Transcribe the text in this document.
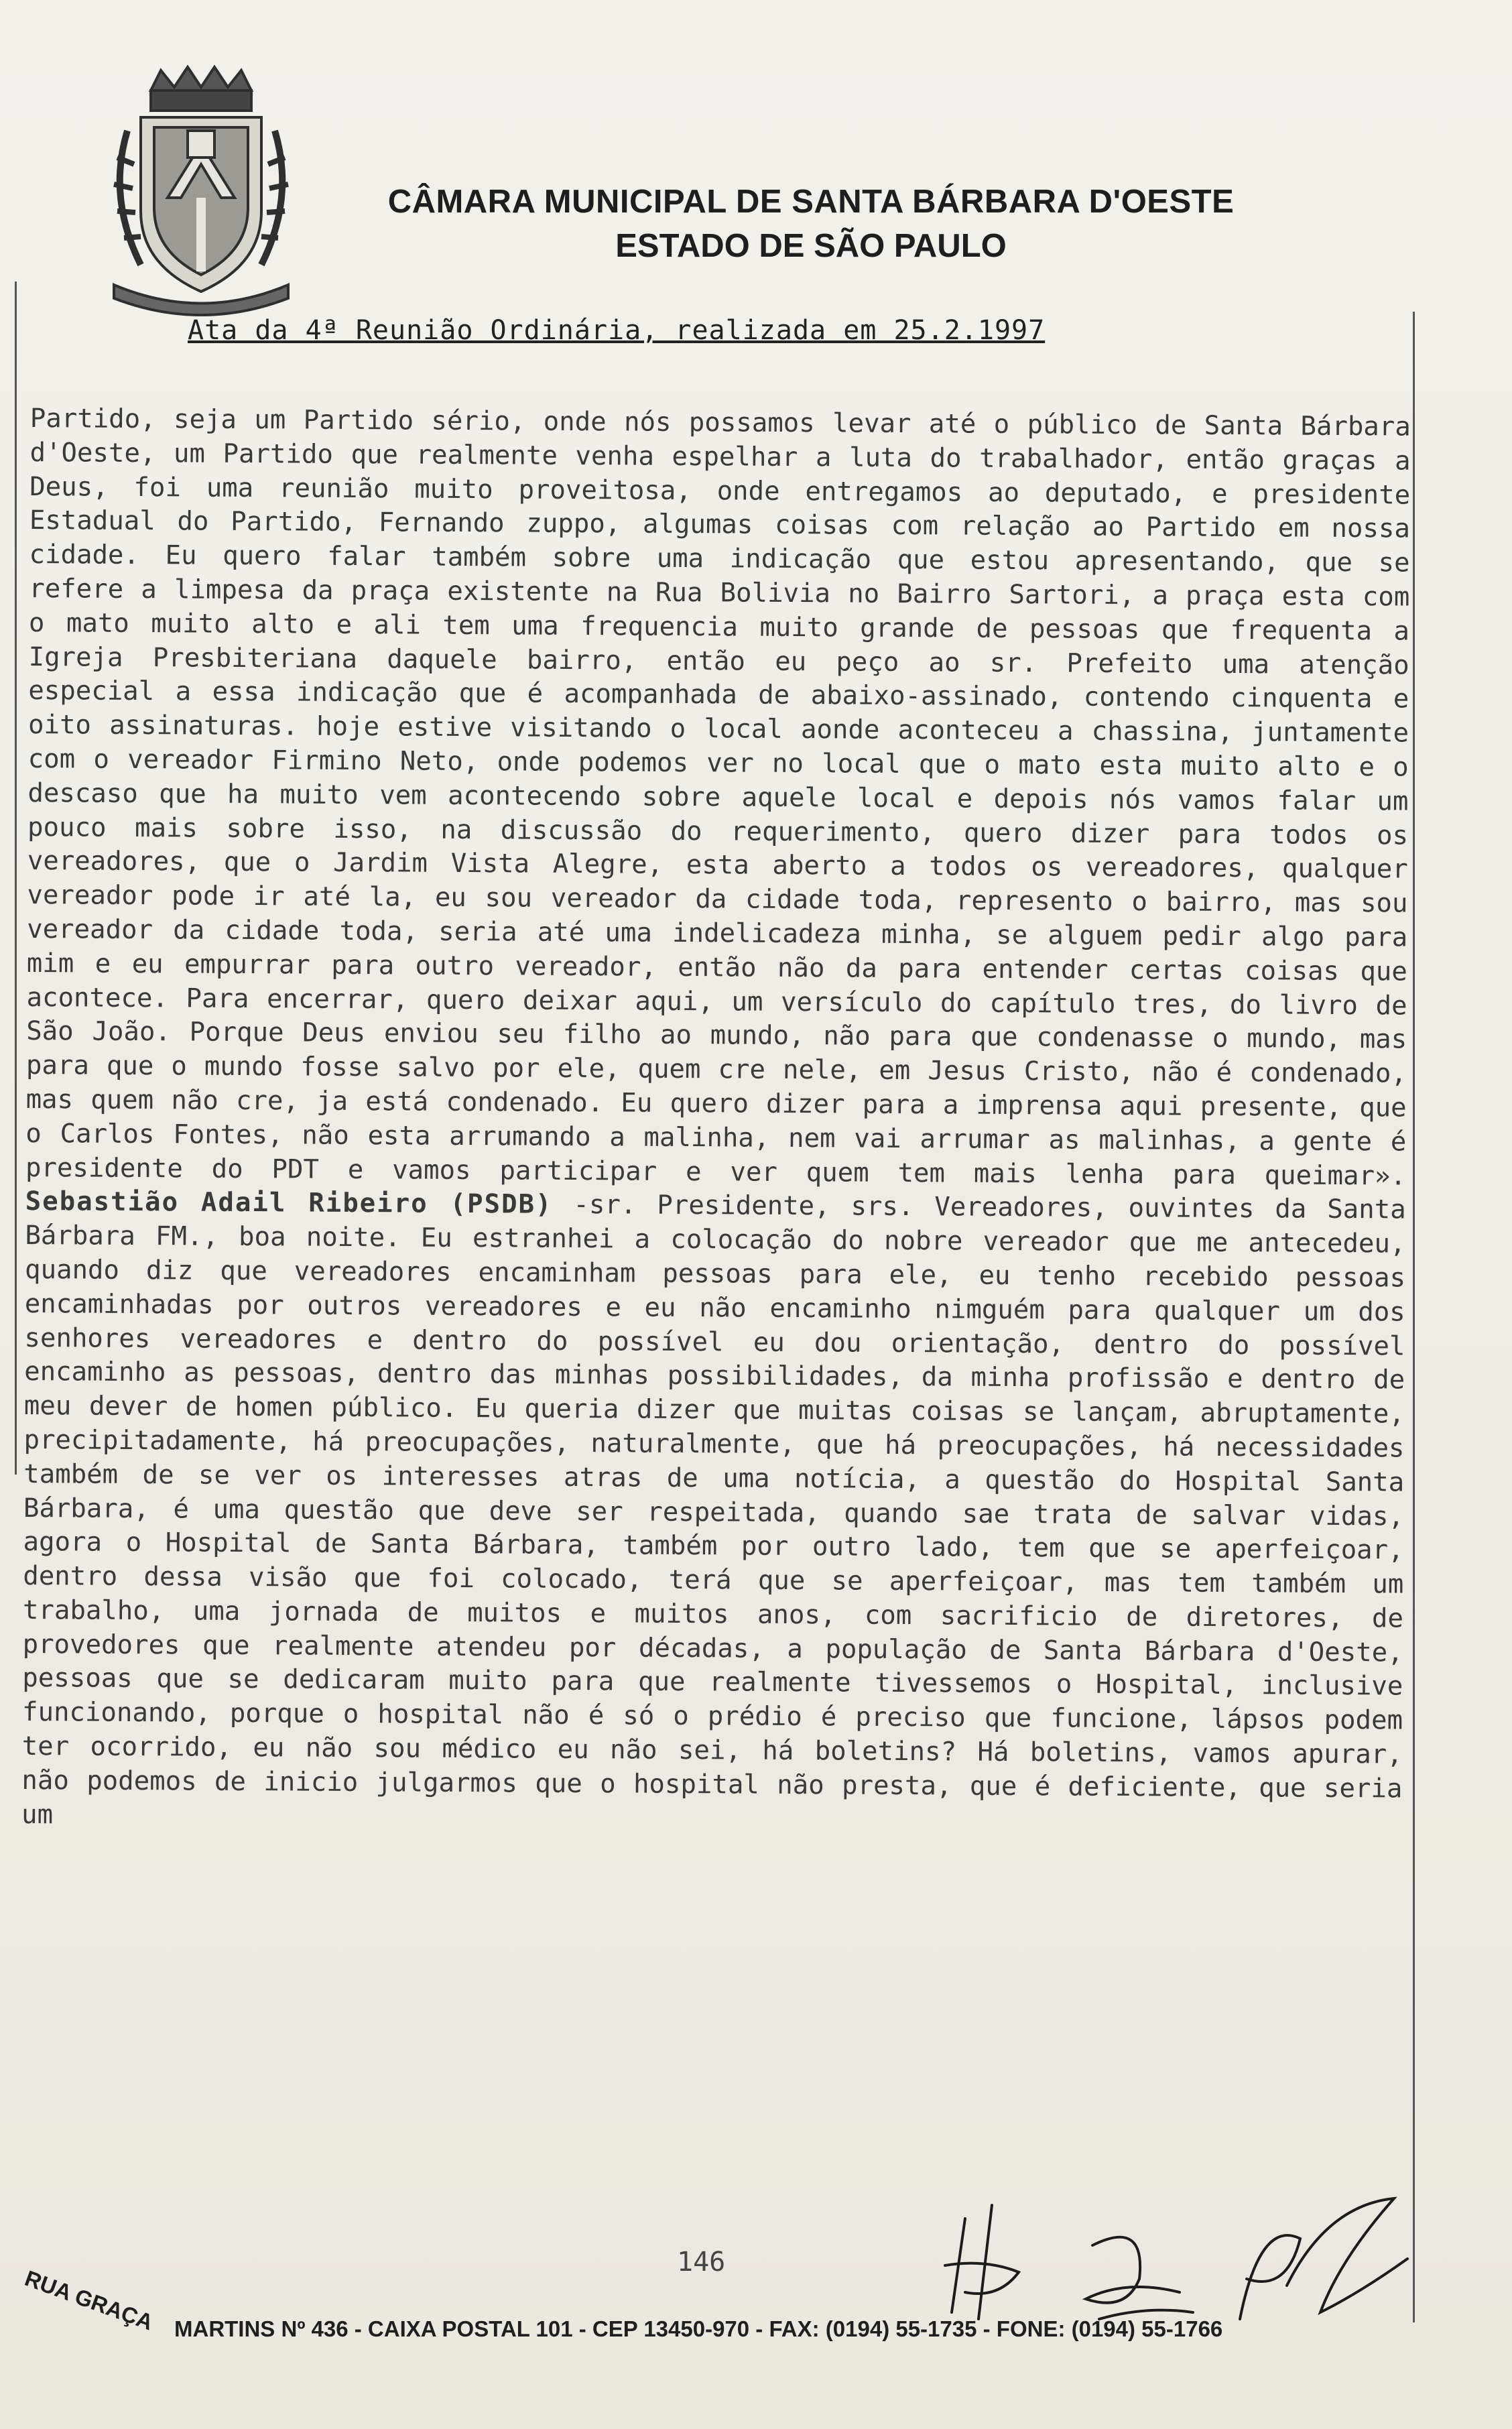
CÂMARA MUNICIPAL DE SANTA BÁRBARA D'OESTE
ESTADO DE SÃO PAULO
Ata da 4ª Reunião Ordinária, realizada em 25.2.1997
Partido, seja um Partido sério, onde nós possamos levar até o público de Santa Bárbara d'Oeste, um Partido que realmente venha espelhar a luta do trabalhador, então graças a Deus, foi uma reunião muito proveitosa, onde entregamos ao deputado, e presidente Estadual do Partido, Fernando zuppo, algumas coisas com relação ao Partido em nossa cidade. Eu quero falar também sobre uma indicação que estou apresentando, que se refere a limpesa da praça existente na Rua Bolivia no Bairro Sartori, a praça esta com o mato muito alto e ali tem uma frequencia muito grande de pessoas que frequenta a Igreja Presbiteriana daquele bairro, então eu peço ao sr. Prefeito uma atenção especial a essa indicação que é acompanhada de abaixo-assinado, contendo cinquenta e oito assinaturas. hoje estive visitando o local aonde aconteceu a chassina, juntamente com o vereador Firmino Neto, onde podemos ver no local que o mato esta muito alto e o descaso que ha muito vem acontecendo sobre aquele local e depois nós vamos falar um pouco mais sobre isso, na discussão do requerimento, quero dizer para todos os vereadores, que o Jardim Vista Alegre, esta aberto a todos os vereadores, qualquer vereador pode ir até la, eu sou vereador da cidade toda, represento o bairro, mas sou vereador da cidade toda, seria até uma indelicadeza minha, se alguem pedir algo para mim e eu empurrar para outro vereador, então não da para entender certas coisas que acontece. Para encerrar, quero deixar aqui, um versículo do capítulo tres, do livro de São João. Porque Deus enviou seu filho ao mundo, não para que condenasse o mundo, mas para que o mundo fosse salvo por ele, quem cre nele, em Jesus Cristo, não é condenado, mas quem não cre, ja está condenado. Eu quero dizer para a imprensa aqui presente, que o Carlos Fontes, não esta arrumando a malinha, nem vai arrumar as malinhas, a gente é presidente do PDT e vamos participar e ver quem tem mais lenha para queimar». Sebastião Adail Ribeiro (PSDB) -sr. Presidente, srs. Vereadores, ouvintes da Santa Bárbara FM., boa noite. Eu estranhei a colocação do nobre vereador que me antecedeu, quando diz que vereadores encaminham pessoas para ele, eu tenho recebido pessoas encaminhadas por outros vereadores e eu não encaminho nimguém para qualquer um dos senhores vereadores e dentro do possível eu dou orientação, dentro do possível encaminho as pessoas, dentro das minhas possibilidades, da minha profissão e dentro de meu dever de homen público. Eu queria dizer que muitas coisas se lançam, abruptamente, precipitadamente, há preocupações, naturalmente, que há preocupações, há necessidades também de se ver os interesses atras de uma notícia, a questão do Hospital Santa Bárbara, é uma questão que deve ser respeitada, quando sae trata de salvar vidas, agora o Hospital de Santa Bárbara, também por outro lado, tem que se aperfeiçoar, dentro dessa visão que foi colocado, terá que se aperfeiçoar, mas tem também um trabalho, uma jornada de muitos e muitos anos, com sacrificio de diretores, de provedores que realmente atendeu por décadas, a população de Santa Bárbara d'Oeste, pessoas que se dedicaram muito para que realmente tivessemos o Hospital, inclusive funcionando, porque o hospital não é só o prédio é preciso que funcione, lápsos podem ter ocorrido, eu não sou médico eu não sei, há boletins? Há boletins, vamos apurar, não podemos de inicio julgarmos que o hospital não presta, que é deficiente, que seria um
146
RUA GRAÇA MARTINS Nº 436 - CAIXA POSTAL 101 - CEP 13450-970 - FAX: (0194) 55-1735 - FONE: (0194) 55-1766
